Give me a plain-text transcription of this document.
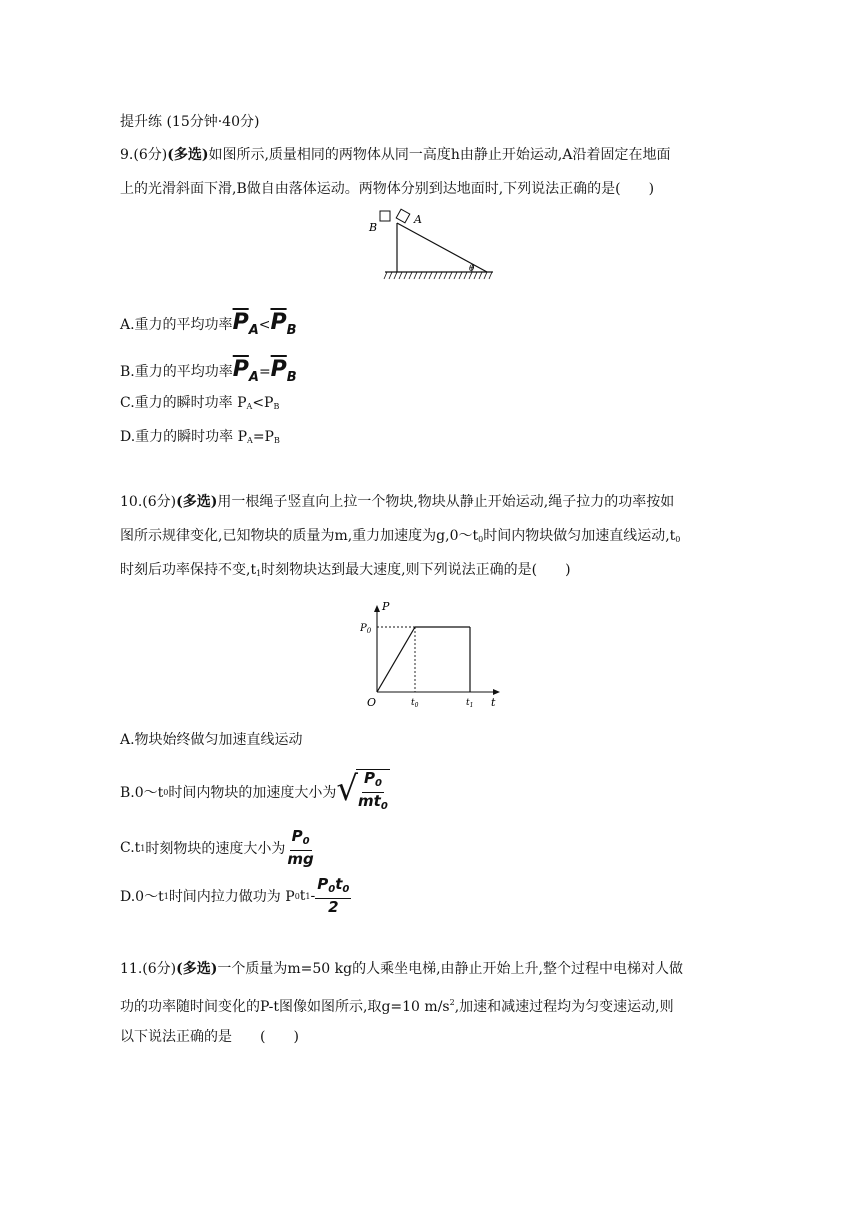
提升练 (15分钟·40分)
9.(6分)(多选)如图所示,质量相同的两物体从同一高度h由静止开始运动,A沿着固定在地面
上的光滑斜面下滑,B做自由落体运动。两物体分别到达地面时,下列说法正确的是(　　)
θ
B
A
A.重力的平均功率$\overline{P}A<\overline{P}B$
B.重力的平均功率$\overline{P}A=\overline{P}B$
C.重力的瞬时功率 $P_A<P_B$
D.重力的瞬时功率 $P_A=P_B$
10.(6分)(多选)用一根绳子竖直向上拉一个物块,物块从静止开始运动,绳子拉力的功率按如
图所示规律变化,已知物块的质量为m,重力加速度为$g,0\sim t_0$时间内物块做匀加速直线运动$,t_0$
时刻后功率保持不变$,t_1$时刻物块达到最大速度,则下列说法正确的是(　　)
P
t
O
$P_0$
$t_0$	$t_1$
A.物块始终做匀加速直线运动
B.0～t 0 时间内物块的加速度大小为 √
$\frac{P_0}{mt_0}$
C.t 1 时刻物块的速度大小为 $\frac{P_0}{mg}$
D.0～t 1 时间内拉力做功为 P 0 t $1 - \frac{P_0t_0}{2}$
11.(6分)(多选)一个质量为m=50 kg的人乘坐电梯,由静止开始上升,整个过程中电梯对人做
功的功率随时间变化的P-t图像如图所示,取g=10 $m/s^2$,加速和减速过程均为匀变速运动,则
以下说法正确的是　　(　　)
